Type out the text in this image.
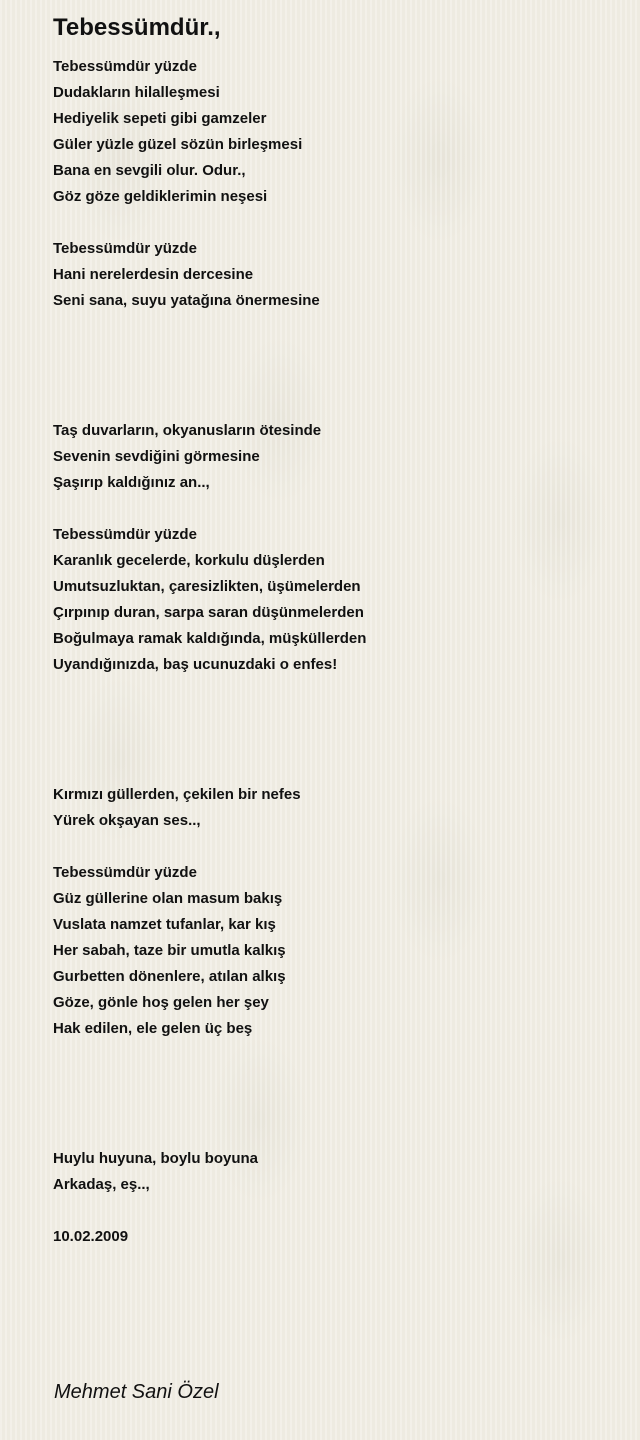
Tebessümdür.,
Tebessümdür yüzde
Dudakların hilalleşmesi
Hediyelik sepeti gibi gamzeler
Güler yüzle güzel sözün birleşmesi
Bana en sevgili olur. Odur.,
Göz göze geldiklerimin neşesi
Tebessümdür yüzde
Hani nerelerdesin dercesine
Seni sana, suyu yatağına önermesine
Taş duvarların, okyanusların ötesinde
Sevenin sevdiğini görmesine
Şaşırıp kaldığınız an..,
Tebessümdür yüzde
Karanlık gecelerde, korkulu düşlerden
Umutsuzluktan, çaresizlikten, üşümelerden
Çırpınıp duran, sarpa saran düşünmelerden
Boğulmaya ramak kaldığında, müşküllerden
Uyandığınızda, baş ucunuzdaki o enfes!
Kırmızı güllerden, çekilen bir nefes
Yürek okşayan ses..,
Tebessümdür yüzde
Güz güllerine olan masum bakış
Vuslata namzet tufanlar, kar kış
Her sabah, taze bir umutla kalkış
Gurbetten dönenlere, atılan alkış
Göze, gönle hoş gelen her şey
Hak edilen, ele gelen üç beş
Huylu huyuna, boylu boyuna
Arkadaş, eş..,
10.02.2009
Mehmet Sani Özel
